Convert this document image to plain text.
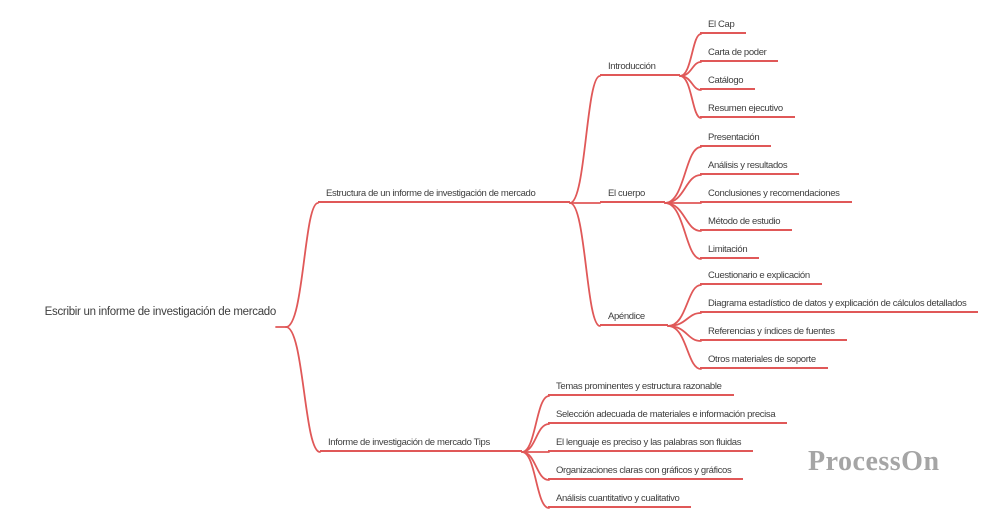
Escribir un informe de investigación de mercado
Estructura de un informe de investigación de mercado
Informe de investigación de mercado Tips
Introducción
El cuerpo
Apéndice
El Cap
Carta de poder
Catálogo
Resumen ejecutivo
Presentación
Análisis y resultados
Conclusiones y recomendaciones
Método de estudio
Limitación
Cuestionario e explicación
Diagrama estadístico de datos y explicación de cálculos detallados
Referencias y índices de fuentes
Otros materiales de soporte
Temas prominentes y estructura razonable
Selección adecuada de materiales e información precisa
El lenguaje es preciso y las palabras son fluidas
Organizaciones claras con gráficos y gráficos
Análisis cuantitativo y cualitativo
ProcessOn
